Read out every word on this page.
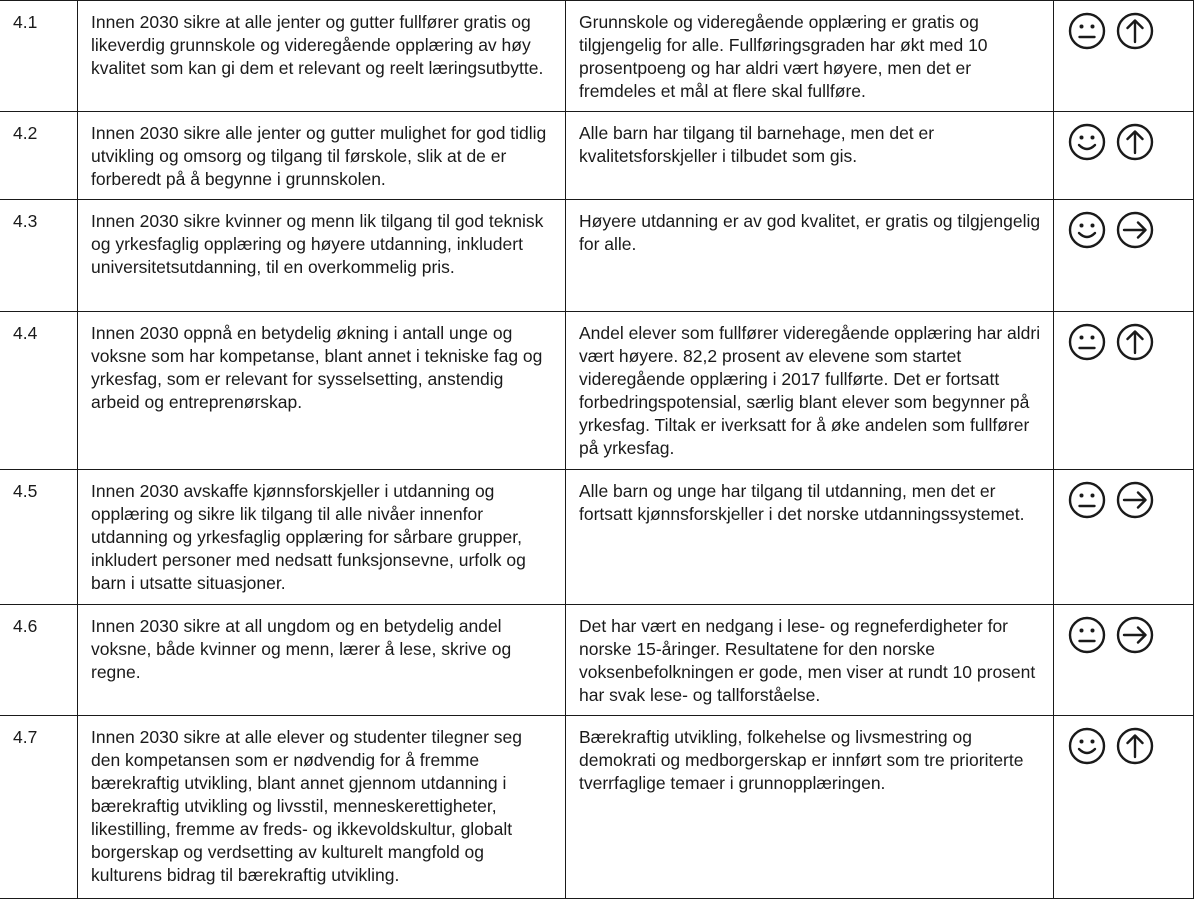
4.1	Innen 2030 sikre at alle jenter og gutter fullfører gratis og likeverdig grunnskole og videregående opplæring av høy kvalitet som kan gi dem et relevant og reelt læringsutbytte.	Grunnskole og videregående opplæring er gratis og tilgjengelig for alle. Fullføringsgraden har økt med 10 prosentpoeng og har aldri vært høyere, men det er fremdeles et mål at flere skal fullføre.	

4.2	Innen 2030 sikre alle jenter og gutter mulighet for god tidlig utvikling og omsorg og tilgang til førskole, slik at de er forberedt på å begynne i grunnskolen.	Alle barn har tilgang til barnehage, men det er kvalitetsforskjeller i tilbudet som gis.	

4.3	Innen 2030 sikre kvinner og menn lik tilgang til god teknisk og yrkesfaglig opplæring og høyere utdanning, inkludert universitetsutdanning, til en overkommelig pris.	Høyere utdanning er av god kvalitet, er gratis og tilgjengelig for alle.	

4.4	Innen 2030 oppnå en betydelig økning i antall unge og voksne som har kompetanse, blant annet i tekniske fag og yrkesfag, som er relevant for sysselsetting, anstendig arbeid og entreprenørskap.	Andel elever som fullfører videregående opplæring har aldri vært høyere. 82,2 prosent av elevene som startet videregående opplæring i 2017 fullførte. Det er fortsatt forbedringspotensial, særlig blant elever som begynner på yrkesfag. Tiltak er iverksatt for å øke andelen som fullfører på yrkesfag.	

4.5	Innen 2030 avskaffe kjønnsforskjeller i utdanning og opplæring og sikre lik tilgang til alle nivåer innenfor utdanning og yrkesfaglig opplæring for sårbare grupper, inkludert personer med nedsatt funksjonsevne, urfolk og barn i utsatte situasjoner.	Alle barn og unge har tilgang til utdanning, men det er fortsatt kjønnsforskjeller i det norske utdanningssystemet.	

4.6	Innen 2030 sikre at all ungdom og en betydelig andel voksne, både kvinner og menn, lærer å lese, skrive og regne.	Det har vært en nedgang i lese- og regneferdigheter for norske 15-åringer. Resultatene for den norske voksenbefolkningen er gode, men viser at rundt 10 prosent har svak lese- og tallforståelse.	

4.7	Innen 2030 sikre at alle elever og studenter tilegner seg den kompetansen som er nødvendig for å fremme bærekraftig utvikling, blant annet gjennom utdanning i bærekraftig utvikling og livsstil, menneskerettigheter, likestilling, fremme av freds- og ikkevoldskultur, globalt borgerskap og verdsetting av kulturelt mangfold og kulturens bidrag til bærekraftig utvikling.	Bærekraftig utvikling, folkehelse og livsmestring og demokrati og medborgerskap er innført som tre prioriterte tverrfaglige temaer i grunnopplæringen.	
